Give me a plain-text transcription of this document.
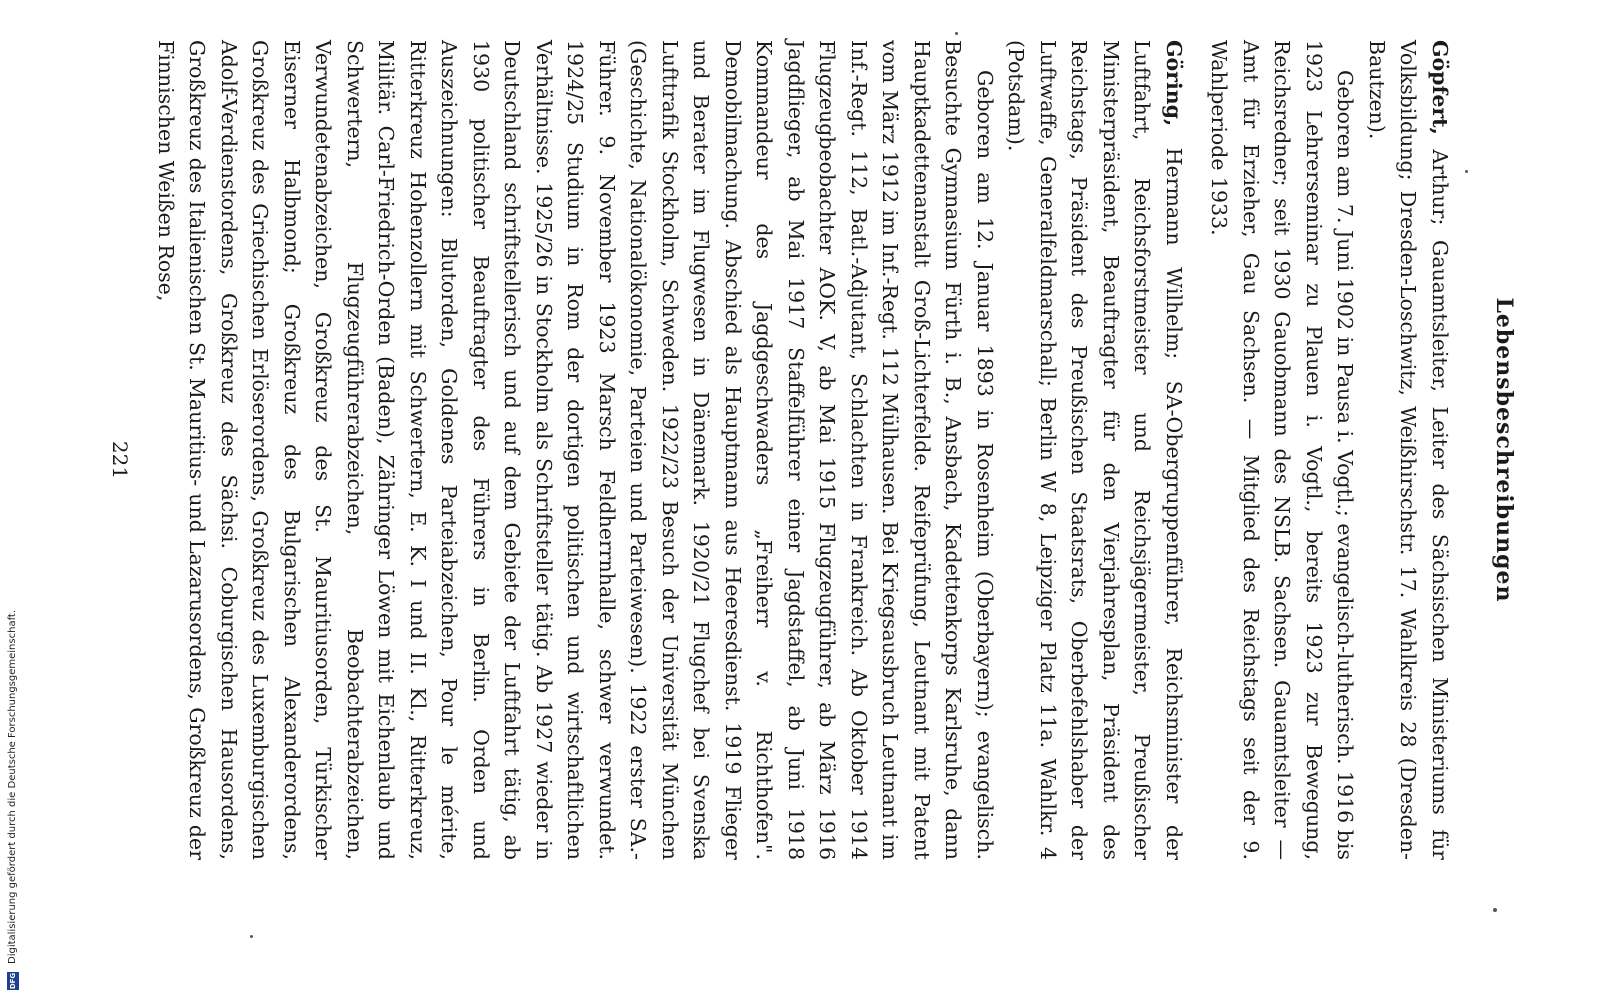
DFG
Digitalisierung gefördert durch die Deutsche Forschungsgemeinschaft.
Lebensbeschreibungen

Göpfert, Arthur; Gauamtsleiter, Leiter des Sächsischen Ministeriums für Volksbildung; Dresden-Loschwitz, Weißhirschstr. 17. Wahlkreis 28 (Dresden-Bautzen).

Geboren am 7. Juni 1902 in Pausa i. Vogtl.; evangelisch-lutherisch. 1916 bis 1923 Lehrerseminar zu Plauen i. Vogtl., bereits 1923 zur Bewegung, Reichsredner; seit 1930 Gauobmann des NSLB. Sachsen. Gauamtsleiter — Amt für Erzieher, Gau Sachsen. — Mitglied des Reichstags seit der 9. Wahlperiode 1933.

Göring, Hermann Wilhelm; SA-Obergruppenführer, Reichsminister der Luftfahrt, Reichsforstmeister und Reichsjägermeister, Preußischer Ministerpräsident, Beauftragter für den Vierjahresplan, Präsident des Reichstags, Präsident des Preußischen Staatsrats, Oberbefehlshaber der Luftwaffe, Generalfeldmarschall; Berlin W 8, Leipziger Platz 11a. Wahlkr. 4 (Potsdam).

Geboren am 12. Januar 1893 in Rosenheim (Oberbayern); evangelisch. Besuchte Gymnasium Fürth i. B., Ansbach, Kadettenkorps Karlsruhe, dann Hauptkadettenanstalt Groß-Lichterfelde. Reifeprüfung, Leutnant mit Patent vom März 1912 im Inf.-Regt. 112 Mülhausen. Bei Kriegsausbruch Leutnant im Inf.-Regt. 112, Batl.-Adjutant, Schlachten in Frankreich. Ab Oktober 1914 Flugzeugbeobachter AOK. V, ab Mai 1915 Flugzeugführer, ab März 1916 Jagdflieger, ab Mai 1917 Staffelführer einer Jagdstaffel, ab Juni 1918 Kommandeur des Jagdgeschwaders „Freiherr v. Richthofen". Demobilmachung. Abschied als Hauptmann aus Heeresdienst. 1919 Flieger und Berater im Flugwesen in Dänemark. 1920/21 Flugchef bei Svenska Lufttrafik Stockholm, Schweden. 1922/23 Besuch der Universität München (Geschichte, Nationalökonomie, Parteien und Parteiwesen). 1922 erster SA.-Führer. 9. November 1923 Marsch Feldherrnhalle, schwer verwundet. 1924/25 Studium in Rom der dortigen politischen und wirtschaftlichen Verhältnisse. 1925/26 in Stockholm als Schriftsteller tätig. Ab 1927 wieder in Deutschland schriftstellerisch und auf dem Gebiete der Luftfahrt tätig, ab 1930 politischer Beauftragter des Führers in Berlin. Orden und Auszeichnungen: Blutorden, Goldenes Parteiabzeichen, Pour le mérite, Ritterkreuz Hohenzollern mit Schwertern, E. K. I und II. Kl., Ritterkreuz, Militär. Carl-Friedrich-Orden (Baden), Zähringer Löwen mit Eichenlaub und Schwertern, Flugzeugführerabzeichen, Beobachterabzeichen, Verwundetenabzeichen, Großkreuz des St. Mauritiusorden, Türkischer Eiserner Halbmond; Großkreuz des Bulgarischen Alexanderordens, Großkreuz des Griechischen Erlöserordens, Großkreuz des Luxemburgischen Adolf-Verdienstordens, Großkreuz des Sächsi. Coburgischen Hausordens, Großkreuz des Italienischen St. Mauritius- und Lazarusordens, Großkreuz der Finnischen Weißen Rose,

221
